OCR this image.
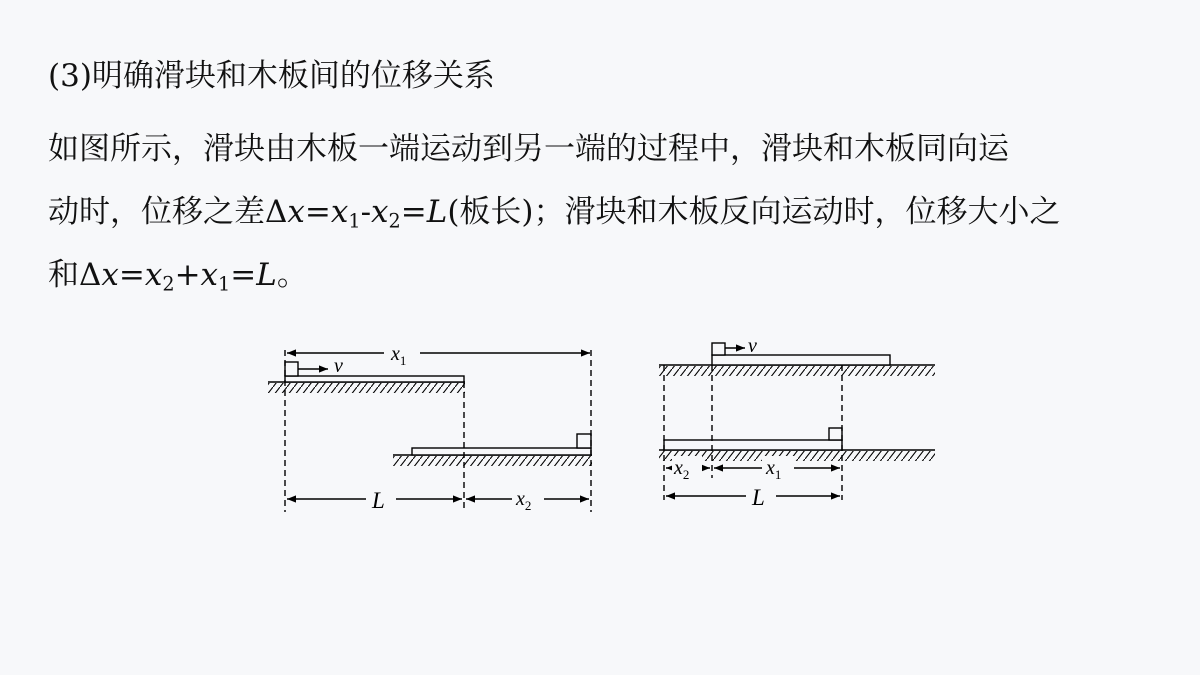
(3)明确滑块和木板间的位移关系
如图所示，滑块由木板一端运动到另一端的过程中，滑块和木板同向运
动时，位移之差$\Delta x=x_1-x_2=L$(板长)；滑块和木板反向运动时，位移大小之
和$\Delta x=x_2+x_1=L$。
v
$x_1$
L	$x_2$
v
$x_2$	$x_1$
L
